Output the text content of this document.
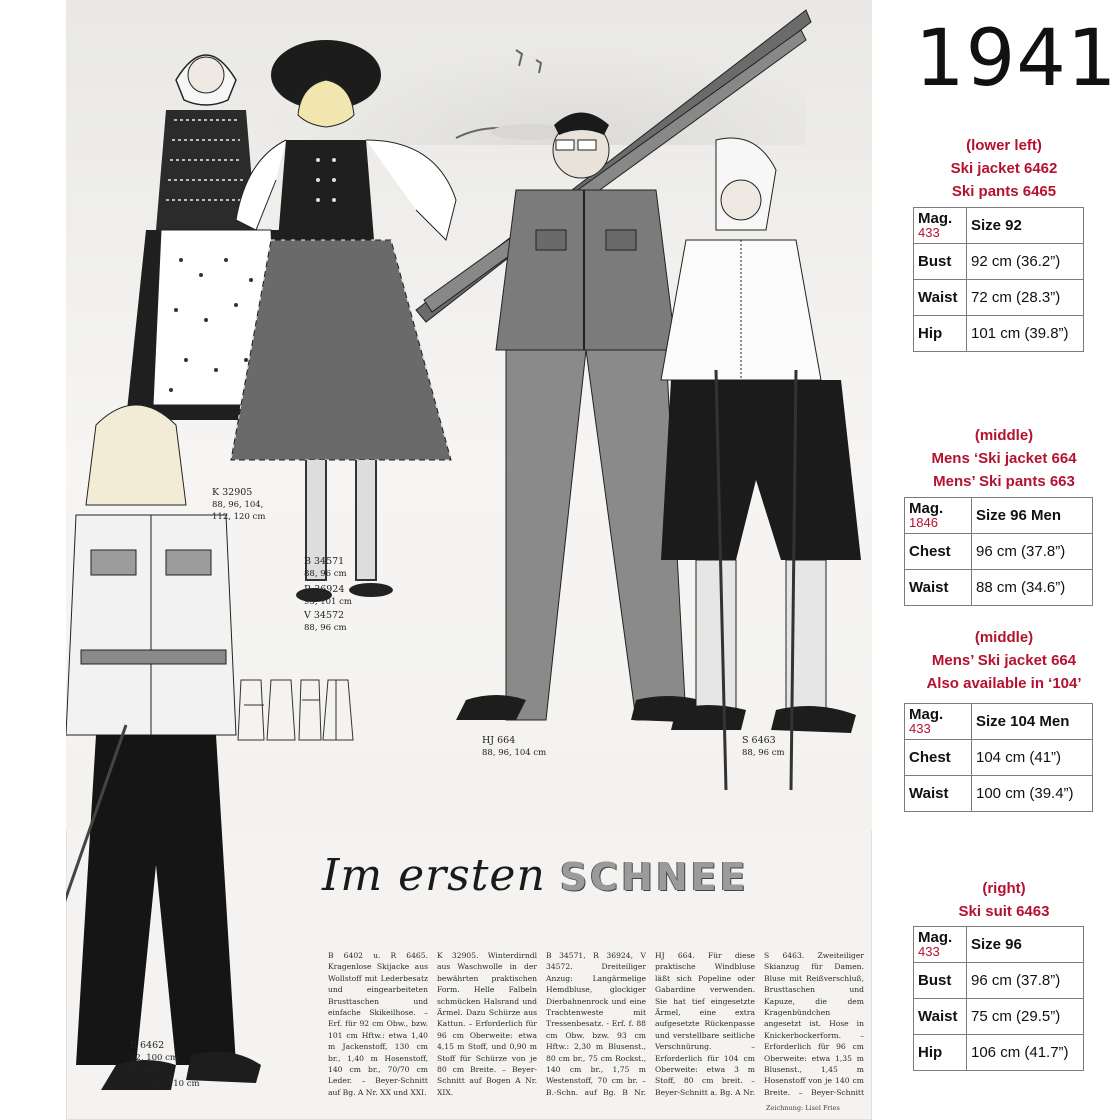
K 32905
88, 96, 104,
112, 120 cm
B 34571
88, 96 cm
R 36924
93, 101 cm
V 34572
88, 96 cm
HJ 664
88, 96, 104 cm
S 6463
88, 96 cm
B 6462
92, 100 cm
R 6465
93, 101, 110 cm
Im ersten SCHNEE
B 6402 u. R 6465. Kragenlose Skijacke aus Wollstoff mit Lederbesatz und eingearbeiteten Brusttaschen und einfache Skikeilhose. – Erf. für 92 cm Obw., bzw. 101 cm Hftw.: etwa 1,40 m Jackenstoff, 130 cm br., 1,40 m Hosenstoff, 140 cm br., 70/70 cm Leder. – Beyer-Schnitt auf Bg. A Nr. XX und XXI.
K 32905. Winterdirndl aus Waschwolle in der bewährten praktischen Form. Helle Falbeln schmücken Halsrand und Ärmel. Dazu Schürze aus Kattun. – Erforderlich für 96 cm Oberweite: etwa 4,15 m Stoff, und 0,90 m Stoff für Schürze von je 80 cm Breite. – Beyer-Schnitt auf Bogen A Nr. XIX.
B 34571, R 36924, V 34572. Dreiteiliger Anzug: Langärmelige Hemdbluse, glockiger Dierbahnenrock und eine Trachtenweste mit Tressenbesatz. - Erf. f. 88 cm Obw. bzw. 93 cm Hftw.: 2,30 m Blusenst., 80 cm br., 75 cm Rockst., 140 cm br., 1,75 m Westenstoff, 70 cm br. – B.-Schn. auf Bg. B Nr.
HJ 664. Für diese praktische Windbluse läßt sich Popeline oder Gabardine verwenden. Sie hat tief eingesetzte Ärmel, eine extra aufgesetzte Rückenpasse und verstellbare seitliche Verschnürung. – Erforderlich für 104 cm Oberweite: etwa 3 m Stoff, 80 cm breit. – Beyer-Schnitt a. Bg. A Nr.
S 6463. Zweiteiliger Skianzug für Damen. Bluse mit Reißverschluß, Brusttaschen und Kapuze, die dem Kragenbündchen angesetzt ist. Hose in Knickerbockerform. – Erforderlich für 96 cm Oberweite: etwa 1,35 m Blusenst., 1,45 m Hosenstoff von je 140 cm Breite. – Beyer-Schnitt
Zeichnung: Lisel Fries
1941
(lower left)
Ski jacket 6462
Ski pants 6465
Mag.
433	Size 92
Bust	92 cm (36.2”)
Waist	72 cm (28.3”)
Hip	101 cm (39.8”)
(middle)
Mens ‘Ski jacket 664
Mens’ Ski pants 663
Mag.
1846	Size 96 Men
Chest	96 cm (37.8”)
Waist	88 cm (34.6”)
(middle)
Mens’ Ski jacket 664
Also available in ‘104’
Mag.
433	Size 104 Men
Chest	104 cm (41”)
Waist	100 cm (39.4”)
(right)
Ski suit 6463
Mag.
433	Size 96
Bust	96 cm (37.8”)
Waist	75 cm (29.5”)
Hip	106 cm (41.7”)
